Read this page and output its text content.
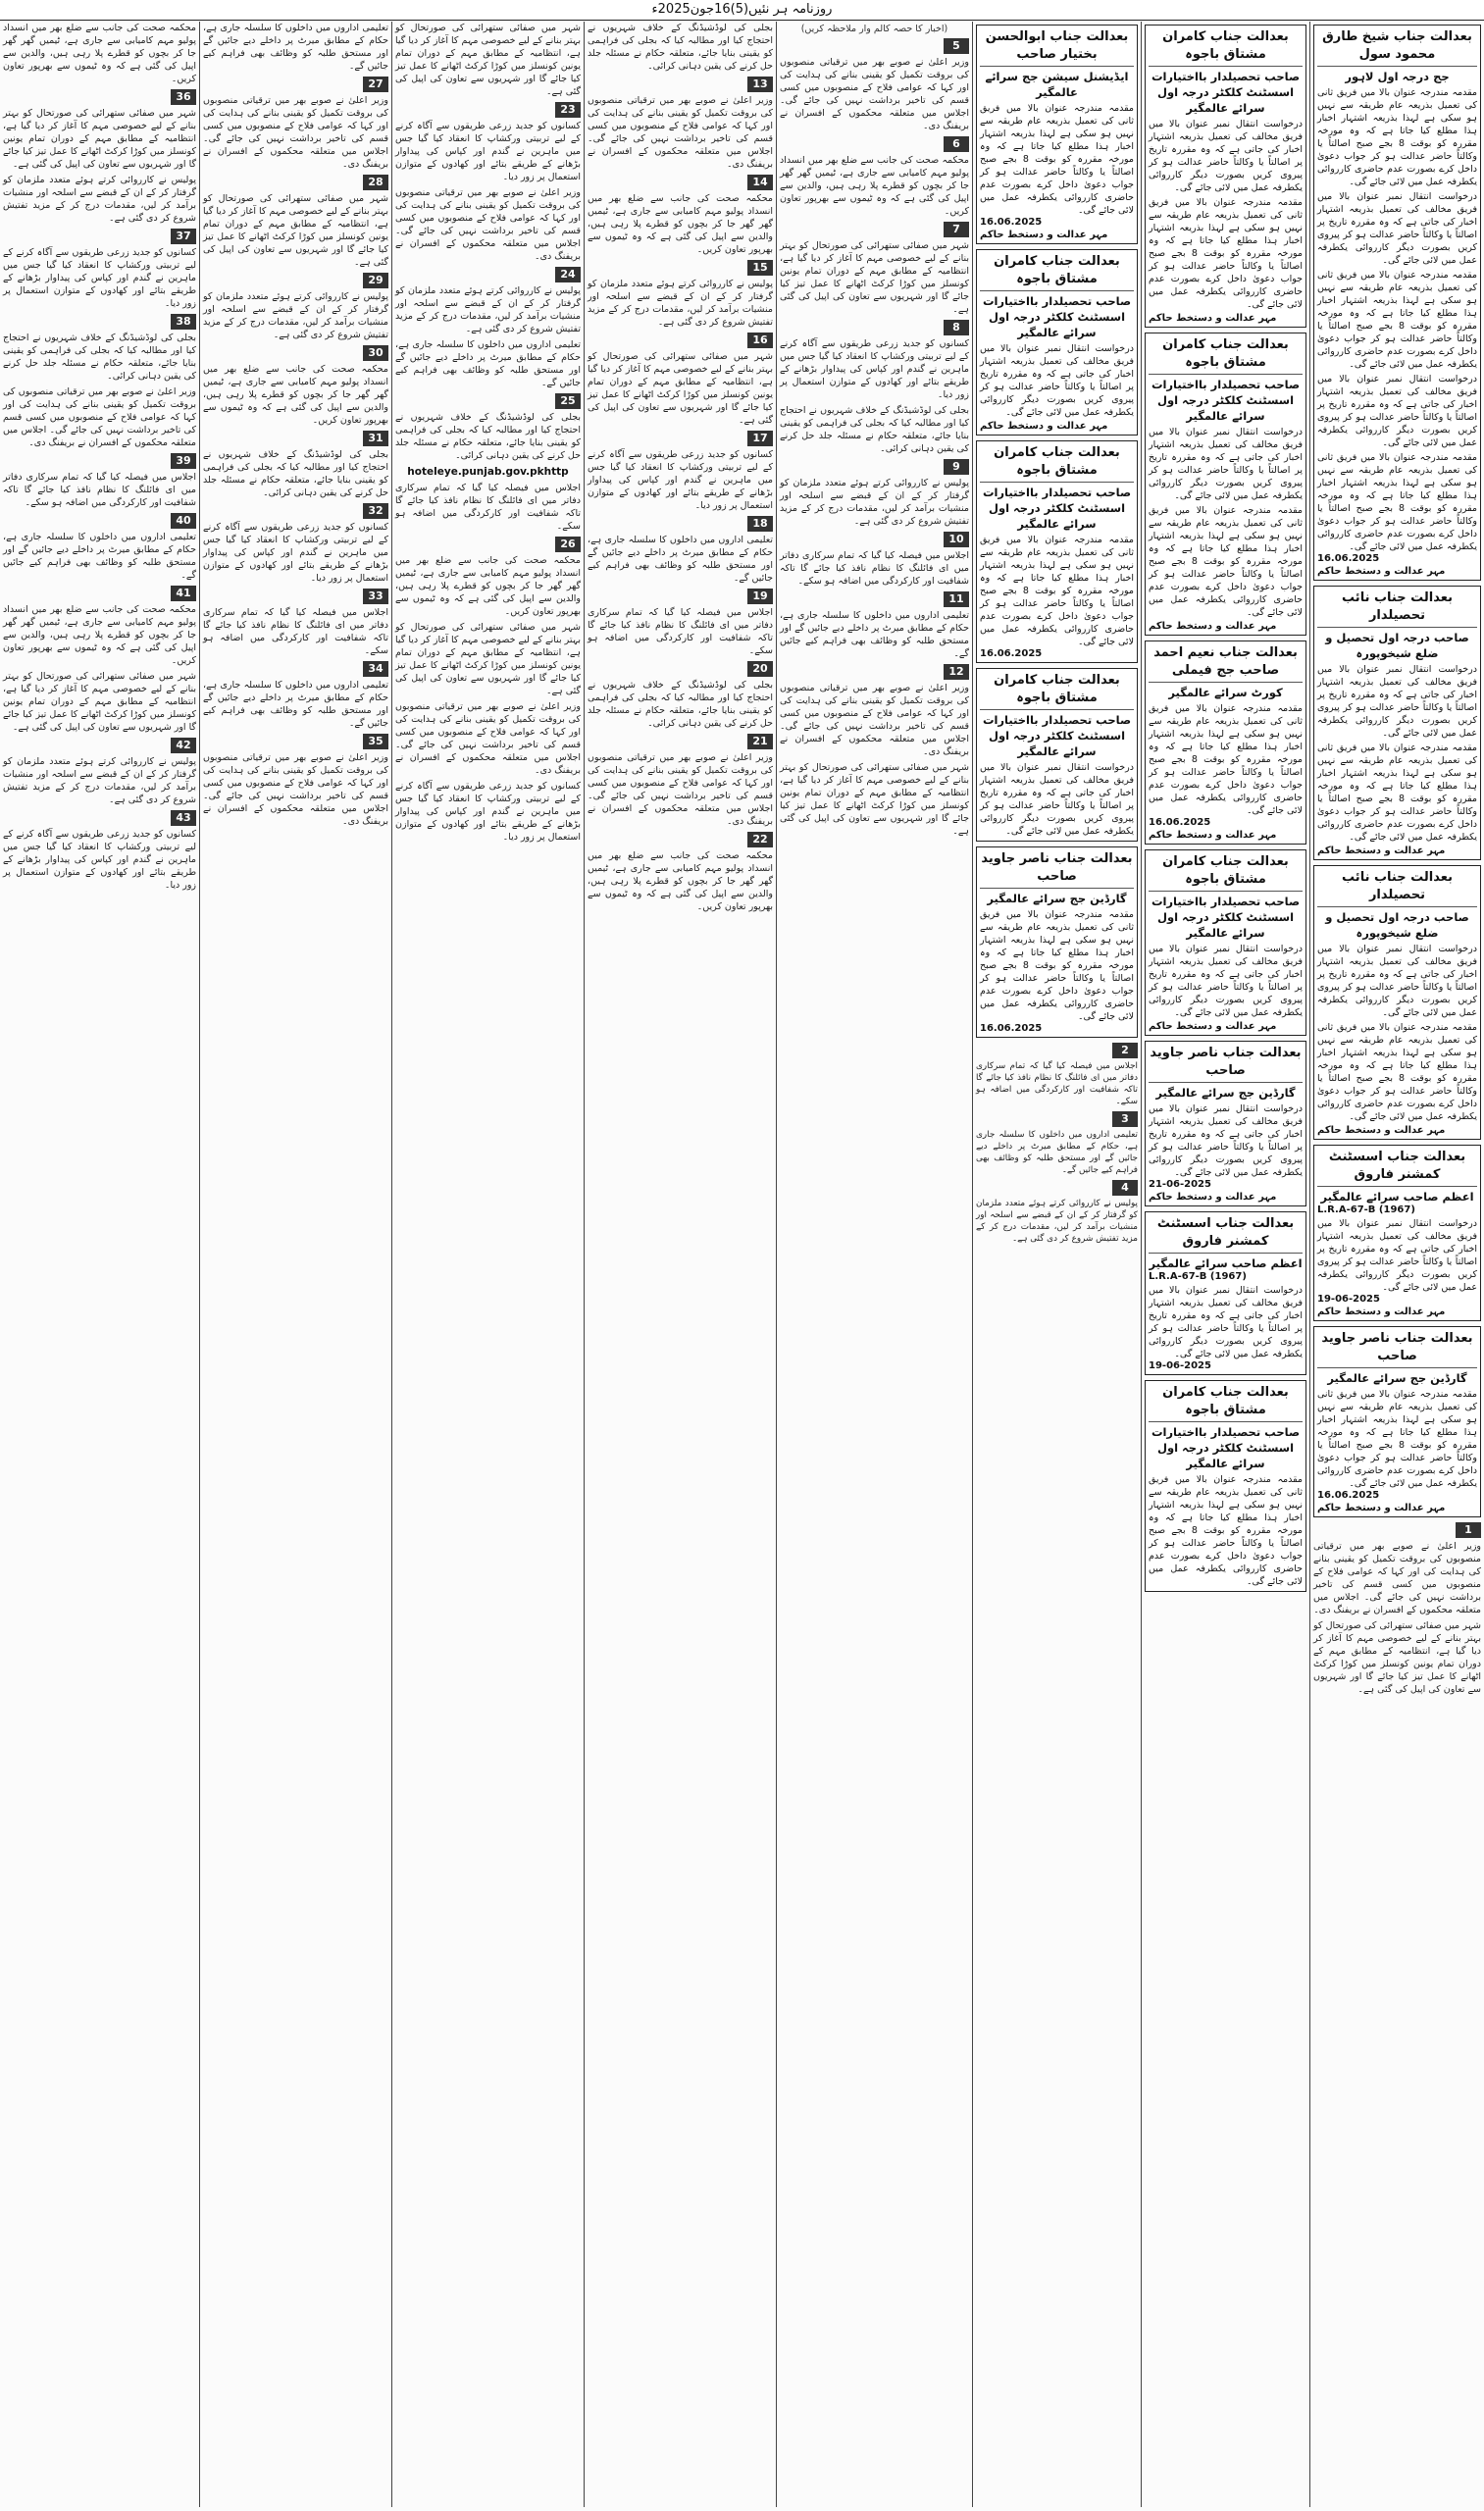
روزنامہ ہر نئیں(5)16جون2025ء
بعدالت جناب شیخ طارق محمود سول
جج درجہ اول لاہور
مقدمہ مندرجہ عنوان بالا میں فریق ثانی کی تعمیل بذریعہ عام طریقہ سے نہیں ہو سکی ہے لہذا بذریعہ اشتہار اخبار ہذا مطلع کیا جاتا ہے کہ وہ مورخہ مقررہ کو بوقت 8 بجے صبح اصالتاً یا وکالتاً حاضر عدالت ہو کر جواب دعویٰ داخل کرے بصورت عدم حاضری کارروائی یکطرفہ عمل میں لائی جائے گی۔
درخواست انتقال نمبر عنوان بالا میں فریق مخالف کی تعمیل بذریعہ اشتہار اخبار کی جاتی ہے کہ وہ مقررہ تاریخ پر اصالتاً یا وکالتاً حاضر عدالت ہو کر پیروی کریں بصورت دیگر کارروائی یکطرفہ عمل میں لائی جائے گی۔
مقدمہ مندرجہ عنوان بالا میں فریق ثانی کی تعمیل بذریعہ عام طریقہ سے نہیں ہو سکی ہے لہذا بذریعہ اشتہار اخبار ہذا مطلع کیا جاتا ہے کہ وہ مورخہ مقررہ کو بوقت 8 بجے صبح اصالتاً یا وکالتاً حاضر عدالت ہو کر جواب دعویٰ داخل کرے بصورت عدم حاضری کارروائی یکطرفہ عمل میں لائی جائے گی۔
درخواست انتقال نمبر عنوان بالا میں فریق مخالف کی تعمیل بذریعہ اشتہار اخبار کی جاتی ہے کہ وہ مقررہ تاریخ پر اصالتاً یا وکالتاً حاضر عدالت ہو کر پیروی کریں بصورت دیگر کارروائی یکطرفہ عمل میں لائی جائے گی۔
مقدمہ مندرجہ عنوان بالا میں فریق ثانی کی تعمیل بذریعہ عام طریقہ سے نہیں ہو سکی ہے لہذا بذریعہ اشتہار اخبار ہذا مطلع کیا جاتا ہے کہ وہ مورخہ مقررہ کو بوقت 8 بجے صبح اصالتاً یا وکالتاً حاضر عدالت ہو کر جواب دعویٰ داخل کرے بصورت عدم حاضری کارروائی یکطرفہ عمل میں لائی جائے گی۔
16.06.2025
مہر عدالت و دستخط حاکم
بعدالت جناب نائب تحصیلدار
صاحب درجہ اول تحصیل و ضلع شیخوپورہ
درخواست انتقال نمبر عنوان بالا میں فریق مخالف کی تعمیل بذریعہ اشتہار اخبار کی جاتی ہے کہ وہ مقررہ تاریخ پر اصالتاً یا وکالتاً حاضر عدالت ہو کر پیروی کریں بصورت دیگر کارروائی یکطرفہ عمل میں لائی جائے گی۔
مقدمہ مندرجہ عنوان بالا میں فریق ثانی کی تعمیل بذریعہ عام طریقہ سے نہیں ہو سکی ہے لہذا بذریعہ اشتہار اخبار ہذا مطلع کیا جاتا ہے کہ وہ مورخہ مقررہ کو بوقت 8 بجے صبح اصالتاً یا وکالتاً حاضر عدالت ہو کر جواب دعویٰ داخل کرے بصورت عدم حاضری کارروائی یکطرفہ عمل میں لائی جائے گی۔
مہر عدالت و دستخط حاکم
بعدالت جناب نائب تحصیلدار
صاحب درجہ اول تحصیل و ضلع شیخوپورہ
درخواست انتقال نمبر عنوان بالا میں فریق مخالف کی تعمیل بذریعہ اشتہار اخبار کی جاتی ہے کہ وہ مقررہ تاریخ پر اصالتاً یا وکالتاً حاضر عدالت ہو کر پیروی کریں بصورت دیگر کارروائی یکطرفہ عمل میں لائی جائے گی۔
مقدمہ مندرجہ عنوان بالا میں فریق ثانی کی تعمیل بذریعہ عام طریقہ سے نہیں ہو سکی ہے لہذا بذریعہ اشتہار اخبار ہذا مطلع کیا جاتا ہے کہ وہ مورخہ مقررہ کو بوقت 8 بجے صبح اصالتاً یا وکالتاً حاضر عدالت ہو کر جواب دعویٰ داخل کرے بصورت عدم حاضری کارروائی یکطرفہ عمل میں لائی جائے گی۔
مہر عدالت و دستخط حاکم
بعدالت جناب اسسٹنٹ کمشنر فاروق
اعظم صاحب سرائے عالمگیر
L.R.A-67-B (1967)
درخواست انتقال نمبر عنوان بالا میں فریق مخالف کی تعمیل بذریعہ اشتہار اخبار کی جاتی ہے کہ وہ مقررہ تاریخ پر اصالتاً یا وکالتاً حاضر عدالت ہو کر پیروی کریں بصورت دیگر کارروائی یکطرفہ عمل میں لائی جائے گی۔
19-06-2025
مہر عدالت و دستخط حاکم
بعدالت جناب ناصر جاوید صاحب
گارڈین جج سرائے عالمگیر
مقدمہ مندرجہ عنوان بالا میں فریق ثانی کی تعمیل بذریعہ عام طریقہ سے نہیں ہو سکی ہے لہذا بذریعہ اشتہار اخبار ہذا مطلع کیا جاتا ہے کہ وہ مورخہ مقررہ کو بوقت 8 بجے صبح اصالتاً یا وکالتاً حاضر عدالت ہو کر جواب دعویٰ داخل کرے بصورت عدم حاضری کارروائی یکطرفہ عمل میں لائی جائے گی۔
16.06.2025
مہر عدالت و دستخط حاکم
1

وزیر اعلیٰ نے صوبے بھر میں ترقیاتی منصوبوں کی بروقت تکمیل کو یقینی بنانے کی ہدایت کی اور کہا کہ عوامی فلاح کے منصوبوں میں کسی قسم کی تاخیر برداشت نہیں کی جائے گی۔ اجلاس میں متعلقہ محکموں کے افسران نے بریفنگ دی۔

شہر میں صفائی ستھرائی کی صورتحال کو بہتر بنانے کے لیے خصوصی مہم کا آغاز کر دیا گیا ہے، انتظامیہ کے مطابق مہم کے دوران تمام یونین کونسلز میں کوڑا کرکٹ اٹھانے کا عمل تیز کیا جائے گا اور شہریوں سے تعاون کی اپیل کی گئی ہے۔

بعدالت جناب کامران مشتاق باجوہ
صاحب تحصیلدار بااختیارات اسسٹنٹ کلکٹر درجہ اول سرائے عالمگیر
درخواست انتقال نمبر عنوان بالا میں فریق مخالف کی تعمیل بذریعہ اشتہار اخبار کی جاتی ہے کہ وہ مقررہ تاریخ پر اصالتاً یا وکالتاً حاضر عدالت ہو کر پیروی کریں بصورت دیگر کارروائی یکطرفہ عمل میں لائی جائے گی۔
مقدمہ مندرجہ عنوان بالا میں فریق ثانی کی تعمیل بذریعہ عام طریقہ سے نہیں ہو سکی ہے لہذا بذریعہ اشتہار اخبار ہذا مطلع کیا جاتا ہے کہ وہ مورخہ مقررہ کو بوقت 8 بجے صبح اصالتاً یا وکالتاً حاضر عدالت ہو کر جواب دعویٰ داخل کرے بصورت عدم حاضری کارروائی یکطرفہ عمل میں لائی جائے گی۔
مہر عدالت و دستخط حاکم
بعدالت جناب کامران مشتاق باجوہ
صاحب تحصیلدار بااختیارات اسسٹنٹ کلکٹر درجہ اول سرائے عالمگیر
درخواست انتقال نمبر عنوان بالا میں فریق مخالف کی تعمیل بذریعہ اشتہار اخبار کی جاتی ہے کہ وہ مقررہ تاریخ پر اصالتاً یا وکالتاً حاضر عدالت ہو کر پیروی کریں بصورت دیگر کارروائی یکطرفہ عمل میں لائی جائے گی۔
مقدمہ مندرجہ عنوان بالا میں فریق ثانی کی تعمیل بذریعہ عام طریقہ سے نہیں ہو سکی ہے لہذا بذریعہ اشتہار اخبار ہذا مطلع کیا جاتا ہے کہ وہ مورخہ مقررہ کو بوقت 8 بجے صبح اصالتاً یا وکالتاً حاضر عدالت ہو کر جواب دعویٰ داخل کرے بصورت عدم حاضری کارروائی یکطرفہ عمل میں لائی جائے گی۔
مہر عدالت و دستخط حاکم
بعدالت جناب نعیم احمد صاحب جج فیملی
کورٹ سرائے عالمگیر
مقدمہ مندرجہ عنوان بالا میں فریق ثانی کی تعمیل بذریعہ عام طریقہ سے نہیں ہو سکی ہے لہذا بذریعہ اشتہار اخبار ہذا مطلع کیا جاتا ہے کہ وہ مورخہ مقررہ کو بوقت 8 بجے صبح اصالتاً یا وکالتاً حاضر عدالت ہو کر جواب دعویٰ داخل کرے بصورت عدم حاضری کارروائی یکطرفہ عمل میں لائی جائے گی۔
16.06.2025
مہر عدالت و دستخط حاکم
بعدالت جناب کامران مشتاق باجوہ
صاحب تحصیلدار بااختیارات اسسٹنٹ کلکٹر درجہ اول سرائے عالمگیر
درخواست انتقال نمبر عنوان بالا میں فریق مخالف کی تعمیل بذریعہ اشتہار اخبار کی جاتی ہے کہ وہ مقررہ تاریخ پر اصالتاً یا وکالتاً حاضر عدالت ہو کر پیروی کریں بصورت دیگر کارروائی یکطرفہ عمل میں لائی جائے گی۔
مہر عدالت و دستخط حاکم
بعدالت جناب ناصر جاوید صاحب
گارڈین جج سرائے عالمگیر
درخواست انتقال نمبر عنوان بالا میں فریق مخالف کی تعمیل بذریعہ اشتہار اخبار کی جاتی ہے کہ وہ مقررہ تاریخ پر اصالتاً یا وکالتاً حاضر عدالت ہو کر پیروی کریں بصورت دیگر کارروائی یکطرفہ عمل میں لائی جائے گی۔
21-06-2025
مہر عدالت و دستخط حاکم
بعدالت جناب اسسٹنٹ کمشنر فاروق
اعظم صاحب سرائے عالمگیر
L.R.A-67-B (1967)
درخواست انتقال نمبر عنوان بالا میں فریق مخالف کی تعمیل بذریعہ اشتہار اخبار کی جاتی ہے کہ وہ مقررہ تاریخ پر اصالتاً یا وکالتاً حاضر عدالت ہو کر پیروی کریں بصورت دیگر کارروائی یکطرفہ عمل میں لائی جائے گی۔
19-06-2025
بعدالت جناب کامران مشتاق باجوہ
صاحب تحصیلدار بااختیارات اسسٹنٹ کلکٹر درجہ اول سرائے عالمگیر
مقدمہ مندرجہ عنوان بالا میں فریق ثانی کی تعمیل بذریعہ عام طریقہ سے نہیں ہو سکی ہے لہذا بذریعہ اشتہار اخبار ہذا مطلع کیا جاتا ہے کہ وہ مورخہ مقررہ کو بوقت 8 بجے صبح اصالتاً یا وکالتاً حاضر عدالت ہو کر جواب دعویٰ داخل کرے بصورت عدم حاضری کارروائی یکطرفہ عمل میں لائی جائے گی۔
بعدالت جناب ابوالحسن بختیار صاحب
ایڈیشنل سیشن جج سرائے عالمگیر
مقدمہ مندرجہ عنوان بالا میں فریق ثانی کی تعمیل بذریعہ عام طریقہ سے نہیں ہو سکی ہے لہذا بذریعہ اشتہار اخبار ہذا مطلع کیا جاتا ہے کہ وہ مورخہ مقررہ کو بوقت 8 بجے صبح اصالتاً یا وکالتاً حاضر عدالت ہو کر جواب دعویٰ داخل کرے بصورت عدم حاضری کارروائی یکطرفہ عمل میں لائی جائے گی۔
16.06.2025
مہر عدالت و دستخط حاکم
بعدالت جناب کامران مشتاق باجوہ
صاحب تحصیلدار بااختیارات اسسٹنٹ کلکٹر درجہ اول سرائے عالمگیر
درخواست انتقال نمبر عنوان بالا میں فریق مخالف کی تعمیل بذریعہ اشتہار اخبار کی جاتی ہے کہ وہ مقررہ تاریخ پر اصالتاً یا وکالتاً حاضر عدالت ہو کر پیروی کریں بصورت دیگر کارروائی یکطرفہ عمل میں لائی جائے گی۔
مہر عدالت و دستخط حاکم
بعدالت جناب کامران مشتاق باجوہ
صاحب تحصیلدار بااختیارات اسسٹنٹ کلکٹر درجہ اول سرائے عالمگیر
مقدمہ مندرجہ عنوان بالا میں فریق ثانی کی تعمیل بذریعہ عام طریقہ سے نہیں ہو سکی ہے لہذا بذریعہ اشتہار اخبار ہذا مطلع کیا جاتا ہے کہ وہ مورخہ مقررہ کو بوقت 8 بجے صبح اصالتاً یا وکالتاً حاضر عدالت ہو کر جواب دعویٰ داخل کرے بصورت عدم حاضری کارروائی یکطرفہ عمل میں لائی جائے گی۔
16.06.2025
بعدالت جناب کامران مشتاق باجوہ
صاحب تحصیلدار بااختیارات اسسٹنٹ کلکٹر درجہ اول سرائے عالمگیر
درخواست انتقال نمبر عنوان بالا میں فریق مخالف کی تعمیل بذریعہ اشتہار اخبار کی جاتی ہے کہ وہ مقررہ تاریخ پر اصالتاً یا وکالتاً حاضر عدالت ہو کر پیروی کریں بصورت دیگر کارروائی یکطرفہ عمل میں لائی جائے گی۔
بعدالت جناب ناصر جاوید صاحب
گارڈین جج سرائے عالمگیر
مقدمہ مندرجہ عنوان بالا میں فریق ثانی کی تعمیل بذریعہ عام طریقہ سے نہیں ہو سکی ہے لہذا بذریعہ اشتہار اخبار ہذا مطلع کیا جاتا ہے کہ وہ مورخہ مقررہ کو بوقت 8 بجے صبح اصالتاً یا وکالتاً حاضر عدالت ہو کر جواب دعویٰ داخل کرے بصورت عدم حاضری کارروائی یکطرفہ عمل میں لائی جائے گی۔
16.06.2025
2

اجلاس میں فیصلہ کیا گیا کہ تمام سرکاری دفاتر میں ای فائلنگ کا نظام نافذ کیا جائے گا تاکہ شفافیت اور کارکردگی میں اضافہ ہو سکے۔

3

تعلیمی اداروں میں داخلوں کا سلسلہ جاری ہے، حکام کے مطابق میرٹ پر داخلے دیے جائیں گے اور مستحق طلبہ کو وظائف بھی فراہم کیے جائیں گے۔

4

پولیس نے کارروائی کرتے ہوئے متعدد ملزمان کو گرفتار کر کے ان کے قبضے سے اسلحہ اور منشیات برآمد کر لیں، مقدمات درج کر کے مزید تفتیش شروع کر دی گئی ہے۔

(اخبار کا حصہ کالم وار ملاحظہ کریں)
5

وزیر اعلیٰ نے صوبے بھر میں ترقیاتی منصوبوں کی بروقت تکمیل کو یقینی بنانے کی ہدایت کی اور کہا کہ عوامی فلاح کے منصوبوں میں کسی قسم کی تاخیر برداشت نہیں کی جائے گی۔ اجلاس میں متعلقہ محکموں کے افسران نے بریفنگ دی۔

6

محکمہ صحت کی جانب سے ضلع بھر میں انسداد پولیو مہم کامیابی سے جاری ہے، ٹیمیں گھر گھر جا کر بچوں کو قطرے پلا رہی ہیں، والدین سے اپیل کی گئی ہے کہ وہ ٹیموں سے بھرپور تعاون کریں۔

7

شہر میں صفائی ستھرائی کی صورتحال کو بہتر بنانے کے لیے خصوصی مہم کا آغاز کر دیا گیا ہے، انتظامیہ کے مطابق مہم کے دوران تمام یونین کونسلز میں کوڑا کرکٹ اٹھانے کا عمل تیز کیا جائے گا اور شہریوں سے تعاون کی اپیل کی گئی ہے۔

8

کسانوں کو جدید زرعی طریقوں سے آگاہ کرنے کے لیے تربیتی ورکشاپ کا انعقاد کیا گیا جس میں ماہرین نے گندم اور کپاس کی پیداوار بڑھانے کے طریقے بتائے اور کھادوں کے متوازن استعمال پر زور دیا۔

بجلی کی لوڈشیڈنگ کے خلاف شہریوں نے احتجاج کیا اور مطالبہ کیا کہ بجلی کی فراہمی کو یقینی بنایا جائے، متعلقہ حکام نے مسئلہ جلد حل کرنے کی یقین دہانی کرائی۔

9

پولیس نے کارروائی کرتے ہوئے متعدد ملزمان کو گرفتار کر کے ان کے قبضے سے اسلحہ اور منشیات برآمد کر لیں، مقدمات درج کر کے مزید تفتیش شروع کر دی گئی ہے۔

10

اجلاس میں فیصلہ کیا گیا کہ تمام سرکاری دفاتر میں ای فائلنگ کا نظام نافذ کیا جائے گا تاکہ شفافیت اور کارکردگی میں اضافہ ہو سکے۔

11

تعلیمی اداروں میں داخلوں کا سلسلہ جاری ہے، حکام کے مطابق میرٹ پر داخلے دیے جائیں گے اور مستحق طلبہ کو وظائف بھی فراہم کیے جائیں گے۔

12

وزیر اعلیٰ نے صوبے بھر میں ترقیاتی منصوبوں کی بروقت تکمیل کو یقینی بنانے کی ہدایت کی اور کہا کہ عوامی فلاح کے منصوبوں میں کسی قسم کی تاخیر برداشت نہیں کی جائے گی۔ اجلاس میں متعلقہ محکموں کے افسران نے بریفنگ دی۔

شہر میں صفائی ستھرائی کی صورتحال کو بہتر بنانے کے لیے خصوصی مہم کا آغاز کر دیا گیا ہے، انتظامیہ کے مطابق مہم کے دوران تمام یونین کونسلز میں کوڑا کرکٹ اٹھانے کا عمل تیز کیا جائے گا اور شہریوں سے تعاون کی اپیل کی گئی ہے۔

بجلی کی لوڈشیڈنگ کے خلاف شہریوں نے احتجاج کیا اور مطالبہ کیا کہ بجلی کی فراہمی کو یقینی بنایا جائے، متعلقہ حکام نے مسئلہ جلد حل کرنے کی یقین دہانی کرائی۔

13

وزیر اعلیٰ نے صوبے بھر میں ترقیاتی منصوبوں کی بروقت تکمیل کو یقینی بنانے کی ہدایت کی اور کہا کہ عوامی فلاح کے منصوبوں میں کسی قسم کی تاخیر برداشت نہیں کی جائے گی۔ اجلاس میں متعلقہ محکموں کے افسران نے بریفنگ دی۔

14

محکمہ صحت کی جانب سے ضلع بھر میں انسداد پولیو مہم کامیابی سے جاری ہے، ٹیمیں گھر گھر جا کر بچوں کو قطرے پلا رہی ہیں، والدین سے اپیل کی گئی ہے کہ وہ ٹیموں سے بھرپور تعاون کریں۔

15

پولیس نے کارروائی کرتے ہوئے متعدد ملزمان کو گرفتار کر کے ان کے قبضے سے اسلحہ اور منشیات برآمد کر لیں، مقدمات درج کر کے مزید تفتیش شروع کر دی گئی ہے۔

16

شہر میں صفائی ستھرائی کی صورتحال کو بہتر بنانے کے لیے خصوصی مہم کا آغاز کر دیا گیا ہے، انتظامیہ کے مطابق مہم کے دوران تمام یونین کونسلز میں کوڑا کرکٹ اٹھانے کا عمل تیز کیا جائے گا اور شہریوں سے تعاون کی اپیل کی گئی ہے۔

17

کسانوں کو جدید زرعی طریقوں سے آگاہ کرنے کے لیے تربیتی ورکشاپ کا انعقاد کیا گیا جس میں ماہرین نے گندم اور کپاس کی پیداوار بڑھانے کے طریقے بتائے اور کھادوں کے متوازن استعمال پر زور دیا۔

18

تعلیمی اداروں میں داخلوں کا سلسلہ جاری ہے، حکام کے مطابق میرٹ پر داخلے دیے جائیں گے اور مستحق طلبہ کو وظائف بھی فراہم کیے جائیں گے۔

19

اجلاس میں فیصلہ کیا گیا کہ تمام سرکاری دفاتر میں ای فائلنگ کا نظام نافذ کیا جائے گا تاکہ شفافیت اور کارکردگی میں اضافہ ہو سکے۔

20

بجلی کی لوڈشیڈنگ کے خلاف شہریوں نے احتجاج کیا اور مطالبہ کیا کہ بجلی کی فراہمی کو یقینی بنایا جائے، متعلقہ حکام نے مسئلہ جلد حل کرنے کی یقین دہانی کرائی۔

21

وزیر اعلیٰ نے صوبے بھر میں ترقیاتی منصوبوں کی بروقت تکمیل کو یقینی بنانے کی ہدایت کی اور کہا کہ عوامی فلاح کے منصوبوں میں کسی قسم کی تاخیر برداشت نہیں کی جائے گی۔ اجلاس میں متعلقہ محکموں کے افسران نے بریفنگ دی۔

22

محکمہ صحت کی جانب سے ضلع بھر میں انسداد پولیو مہم کامیابی سے جاری ہے، ٹیمیں گھر گھر جا کر بچوں کو قطرے پلا رہی ہیں، والدین سے اپیل کی گئی ہے کہ وہ ٹیموں سے بھرپور تعاون کریں۔

شہر میں صفائی ستھرائی کی صورتحال کو بہتر بنانے کے لیے خصوصی مہم کا آغاز کر دیا گیا ہے، انتظامیہ کے مطابق مہم کے دوران تمام یونین کونسلز میں کوڑا کرکٹ اٹھانے کا عمل تیز کیا جائے گا اور شہریوں سے تعاون کی اپیل کی گئی ہے۔

23

کسانوں کو جدید زرعی طریقوں سے آگاہ کرنے کے لیے تربیتی ورکشاپ کا انعقاد کیا گیا جس میں ماہرین نے گندم اور کپاس کی پیداوار بڑھانے کے طریقے بتائے اور کھادوں کے متوازن استعمال پر زور دیا۔

وزیر اعلیٰ نے صوبے بھر میں ترقیاتی منصوبوں کی بروقت تکمیل کو یقینی بنانے کی ہدایت کی اور کہا کہ عوامی فلاح کے منصوبوں میں کسی قسم کی تاخیر برداشت نہیں کی جائے گی۔ اجلاس میں متعلقہ محکموں کے افسران نے بریفنگ دی۔

24

پولیس نے کارروائی کرتے ہوئے متعدد ملزمان کو گرفتار کر کے ان کے قبضے سے اسلحہ اور منشیات برآمد کر لیں، مقدمات درج کر کے مزید تفتیش شروع کر دی گئی ہے۔

تعلیمی اداروں میں داخلوں کا سلسلہ جاری ہے، حکام کے مطابق میرٹ پر داخلے دیے جائیں گے اور مستحق طلبہ کو وظائف بھی فراہم کیے جائیں گے۔

25

بجلی کی لوڈشیڈنگ کے خلاف شہریوں نے احتجاج کیا اور مطالبہ کیا کہ بجلی کی فراہمی کو یقینی بنایا جائے، متعلقہ حکام نے مسئلہ جلد حل کرنے کی یقین دہانی کرائی۔

hoteleye.punjab.gov.pkhttp

اجلاس میں فیصلہ کیا گیا کہ تمام سرکاری دفاتر میں ای فائلنگ کا نظام نافذ کیا جائے گا تاکہ شفافیت اور کارکردگی میں اضافہ ہو سکے۔

26

محکمہ صحت کی جانب سے ضلع بھر میں انسداد پولیو مہم کامیابی سے جاری ہے، ٹیمیں گھر گھر جا کر بچوں کو قطرے پلا رہی ہیں، والدین سے اپیل کی گئی ہے کہ وہ ٹیموں سے بھرپور تعاون کریں۔

شہر میں صفائی ستھرائی کی صورتحال کو بہتر بنانے کے لیے خصوصی مہم کا آغاز کر دیا گیا ہے، انتظامیہ کے مطابق مہم کے دوران تمام یونین کونسلز میں کوڑا کرکٹ اٹھانے کا عمل تیز کیا جائے گا اور شہریوں سے تعاون کی اپیل کی گئی ہے۔

وزیر اعلیٰ نے صوبے بھر میں ترقیاتی منصوبوں کی بروقت تکمیل کو یقینی بنانے کی ہدایت کی اور کہا کہ عوامی فلاح کے منصوبوں میں کسی قسم کی تاخیر برداشت نہیں کی جائے گی۔ اجلاس میں متعلقہ محکموں کے افسران نے بریفنگ دی۔

کسانوں کو جدید زرعی طریقوں سے آگاہ کرنے کے لیے تربیتی ورکشاپ کا انعقاد کیا گیا جس میں ماہرین نے گندم اور کپاس کی پیداوار بڑھانے کے طریقے بتائے اور کھادوں کے متوازن استعمال پر زور دیا۔

تعلیمی اداروں میں داخلوں کا سلسلہ جاری ہے، حکام کے مطابق میرٹ پر داخلے دیے جائیں گے اور مستحق طلبہ کو وظائف بھی فراہم کیے جائیں گے۔

27

وزیر اعلیٰ نے صوبے بھر میں ترقیاتی منصوبوں کی بروقت تکمیل کو یقینی بنانے کی ہدایت کی اور کہا کہ عوامی فلاح کے منصوبوں میں کسی قسم کی تاخیر برداشت نہیں کی جائے گی۔ اجلاس میں متعلقہ محکموں کے افسران نے بریفنگ دی۔

28

شہر میں صفائی ستھرائی کی صورتحال کو بہتر بنانے کے لیے خصوصی مہم کا آغاز کر دیا گیا ہے، انتظامیہ کے مطابق مہم کے دوران تمام یونین کونسلز میں کوڑا کرکٹ اٹھانے کا عمل تیز کیا جائے گا اور شہریوں سے تعاون کی اپیل کی گئی ہے۔

29

پولیس نے کارروائی کرتے ہوئے متعدد ملزمان کو گرفتار کر کے ان کے قبضے سے اسلحہ اور منشیات برآمد کر لیں، مقدمات درج کر کے مزید تفتیش شروع کر دی گئی ہے۔

30

محکمہ صحت کی جانب سے ضلع بھر میں انسداد پولیو مہم کامیابی سے جاری ہے، ٹیمیں گھر گھر جا کر بچوں کو قطرے پلا رہی ہیں، والدین سے اپیل کی گئی ہے کہ وہ ٹیموں سے بھرپور تعاون کریں۔

31

بجلی کی لوڈشیڈنگ کے خلاف شہریوں نے احتجاج کیا اور مطالبہ کیا کہ بجلی کی فراہمی کو یقینی بنایا جائے، متعلقہ حکام نے مسئلہ جلد حل کرنے کی یقین دہانی کرائی۔

32

کسانوں کو جدید زرعی طریقوں سے آگاہ کرنے کے لیے تربیتی ورکشاپ کا انعقاد کیا گیا جس میں ماہرین نے گندم اور کپاس کی پیداوار بڑھانے کے طریقے بتائے اور کھادوں کے متوازن استعمال پر زور دیا۔

33

اجلاس میں فیصلہ کیا گیا کہ تمام سرکاری دفاتر میں ای فائلنگ کا نظام نافذ کیا جائے گا تاکہ شفافیت اور کارکردگی میں اضافہ ہو سکے۔

34

تعلیمی اداروں میں داخلوں کا سلسلہ جاری ہے، حکام کے مطابق میرٹ پر داخلے دیے جائیں گے اور مستحق طلبہ کو وظائف بھی فراہم کیے جائیں گے۔

35

وزیر اعلیٰ نے صوبے بھر میں ترقیاتی منصوبوں کی بروقت تکمیل کو یقینی بنانے کی ہدایت کی اور کہا کہ عوامی فلاح کے منصوبوں میں کسی قسم کی تاخیر برداشت نہیں کی جائے گی۔ اجلاس میں متعلقہ محکموں کے افسران نے بریفنگ دی۔

محکمہ صحت کی جانب سے ضلع بھر میں انسداد پولیو مہم کامیابی سے جاری ہے، ٹیمیں گھر گھر جا کر بچوں کو قطرے پلا رہی ہیں، والدین سے اپیل کی گئی ہے کہ وہ ٹیموں سے بھرپور تعاون کریں۔

36

شہر میں صفائی ستھرائی کی صورتحال کو بہتر بنانے کے لیے خصوصی مہم کا آغاز کر دیا گیا ہے، انتظامیہ کے مطابق مہم کے دوران تمام یونین کونسلز میں کوڑا کرکٹ اٹھانے کا عمل تیز کیا جائے گا اور شہریوں سے تعاون کی اپیل کی گئی ہے۔

پولیس نے کارروائی کرتے ہوئے متعدد ملزمان کو گرفتار کر کے ان کے قبضے سے اسلحہ اور منشیات برآمد کر لیں، مقدمات درج کر کے مزید تفتیش شروع کر دی گئی ہے۔

37

کسانوں کو جدید زرعی طریقوں سے آگاہ کرنے کے لیے تربیتی ورکشاپ کا انعقاد کیا گیا جس میں ماہرین نے گندم اور کپاس کی پیداوار بڑھانے کے طریقے بتائے اور کھادوں کے متوازن استعمال پر زور دیا۔

38

بجلی کی لوڈشیڈنگ کے خلاف شہریوں نے احتجاج کیا اور مطالبہ کیا کہ بجلی کی فراہمی کو یقینی بنایا جائے، متعلقہ حکام نے مسئلہ جلد حل کرنے کی یقین دہانی کرائی۔

وزیر اعلیٰ نے صوبے بھر میں ترقیاتی منصوبوں کی بروقت تکمیل کو یقینی بنانے کی ہدایت کی اور کہا کہ عوامی فلاح کے منصوبوں میں کسی قسم کی تاخیر برداشت نہیں کی جائے گی۔ اجلاس میں متعلقہ محکموں کے افسران نے بریفنگ دی۔

39

اجلاس میں فیصلہ کیا گیا کہ تمام سرکاری دفاتر میں ای فائلنگ کا نظام نافذ کیا جائے گا تاکہ شفافیت اور کارکردگی میں اضافہ ہو سکے۔

40

تعلیمی اداروں میں داخلوں کا سلسلہ جاری ہے، حکام کے مطابق میرٹ پر داخلے دیے جائیں گے اور مستحق طلبہ کو وظائف بھی فراہم کیے جائیں گے۔

41

محکمہ صحت کی جانب سے ضلع بھر میں انسداد پولیو مہم کامیابی سے جاری ہے، ٹیمیں گھر گھر جا کر بچوں کو قطرے پلا رہی ہیں، والدین سے اپیل کی گئی ہے کہ وہ ٹیموں سے بھرپور تعاون کریں۔

شہر میں صفائی ستھرائی کی صورتحال کو بہتر بنانے کے لیے خصوصی مہم کا آغاز کر دیا گیا ہے، انتظامیہ کے مطابق مہم کے دوران تمام یونین کونسلز میں کوڑا کرکٹ اٹھانے کا عمل تیز کیا جائے گا اور شہریوں سے تعاون کی اپیل کی گئی ہے۔

42

پولیس نے کارروائی کرتے ہوئے متعدد ملزمان کو گرفتار کر کے ان کے قبضے سے اسلحہ اور منشیات برآمد کر لیں، مقدمات درج کر کے مزید تفتیش شروع کر دی گئی ہے۔

43

کسانوں کو جدید زرعی طریقوں سے آگاہ کرنے کے لیے تربیتی ورکشاپ کا انعقاد کیا گیا جس میں ماہرین نے گندم اور کپاس کی پیداوار بڑھانے کے طریقے بتائے اور کھادوں کے متوازن استعمال پر زور دیا۔
